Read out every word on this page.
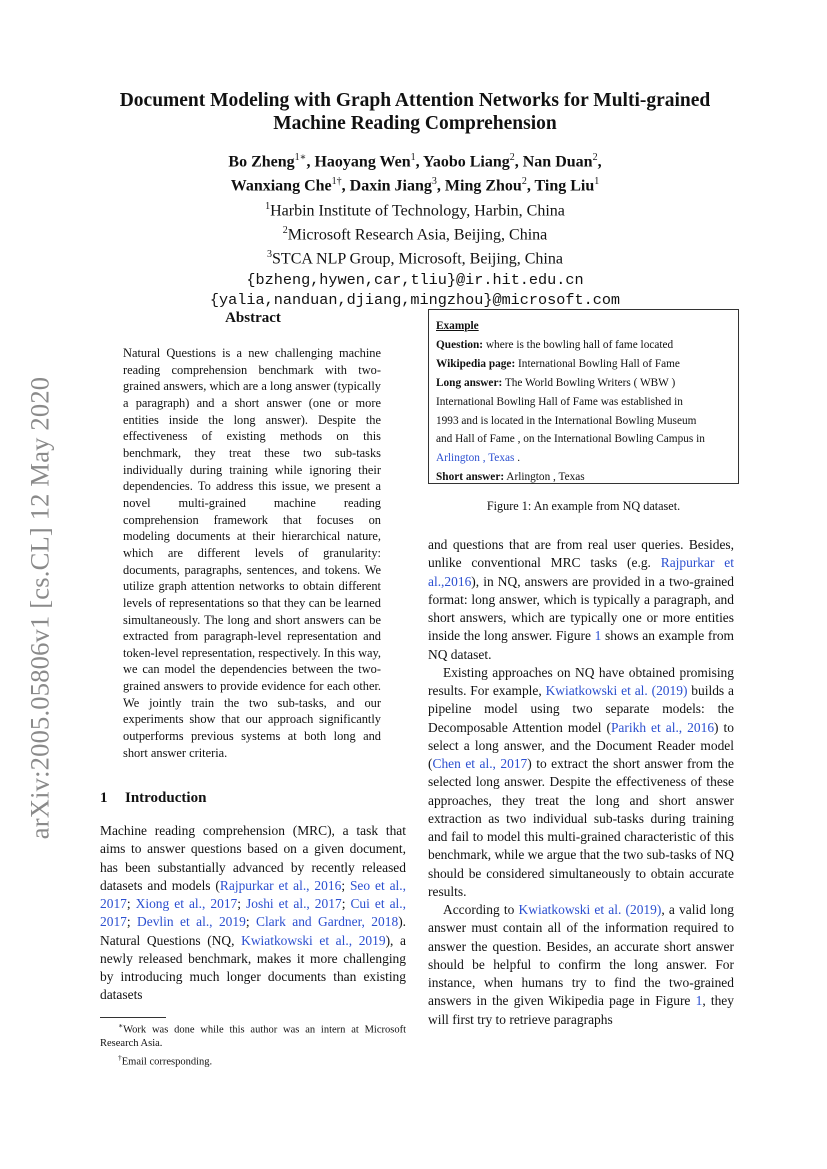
arXiv:2005.05806v1 [cs.CL] 12 May 2020
Document Modeling with Graph Attention Networks for Multi-grained
Machine Reading Comprehension
Bo Zheng$^{1∗}$, Haoyang Wen$^1$, Yaobo Liang$^2$, Nan Duan$^2$,
Wanxiang Che$^{1\dagger}$, Daxin Jiang$^3$, Ming Zhou$^2$, Ting Liu$^1$
$^1$Harbin Institute of Technology, Harbin, China
$^2$Microsoft Research Asia, Beijing, China
$^3$STCA NLP Group, Microsoft, Beijing, China
{bzheng,hywen,car,tliu}@ir.hit.edu.cn
{yalia,nanduan,djiang,mingzhou}@microsoft.com
Abstract
Natural Questions is a new challenging machine reading comprehension benchmark with two-grained answers, which are a long answer (typically a paragraph) and a short answer (one or more entities inside the long answer). Despite the effectiveness of existing methods on this benchmark, they treat these two sub-tasks individually during training while ignoring their dependencies. To address this issue, we present a novel multi-grained machine reading comprehension framework that focuses on modeling documents at their hierarchical nature, which are different levels of granularity: documents, paragraphs, sentences, and tokens. We utilize graph attention networks to obtain different levels of representations so that they can be learned simultaneously. The long and short answers can be extracted from paragraph-level representation and token-level representation, respectively. In this way, we can model the dependencies between the two-grained answers to provide evidence for each other. We jointly train the two sub-tasks, and our experiments show that our approach significantly outperforms previous systems at both long and short answer criteria.
1 Introduction
Machine reading comprehension (MRC), a task that aims to answer questions based on a given document, has been substantially advanced by recently released datasets and models (Rajpurkar et al., 2016; Seo et al., 2017; Xiong et al., 2017; Joshi et al., 2017; Cui et al., 2017; Devlin et al., 2019; Clark and Gardner, 2018). Natural Questions (NQ, Kwiatkowski et al., 2019), a newly released benchmark, makes it more challenging by introducing much longer documents than existing datasets

∗Work was done while this author was an intern at Microsoft Research Asia.

†Email corresponding.

Example
Question: where is the bowling hall of fame located
Wikipedia page: International Bowling Hall of Fame
Long answer: The World Bowling Writers ( WBW )
International Bowling Hall of Fame was established in
1993 and is located in the International Bowling Museum
and Hall of Fame , on the International Bowling Campus in
Arlington , Texas .
Short answer: Arlington , Texas
Figure 1: An example from NQ dataset.

and questions that are from real user queries. Besides, unlike conventional MRC tasks (e.g. Rajpurkar et al.,2016), in NQ, answers are provided in a two-grained format: long answer, which is typically a paragraph, and short answers, which are typically one or more entities inside the long answer. Figure 1 shows an example from NQ dataset.

Existing approaches on NQ have obtained promising results. For example, Kwiatkowski et al. (2019) builds a pipeline model using two separate models: the Decomposable Attention model (Parikh et al., 2016) to select a long answer, and the Document Reader model (Chen et al., 2017) to extract the short answer from the selected long answer. Despite the effectiveness of these approaches, they treat the long and short answer extraction as two individual sub-tasks during training and fail to model this multi-grained characteristic of this benchmark, while we argue that the two sub-tasks of NQ should be considered simultaneously to obtain accurate results.

According to Kwiatkowski et al. (2019), a valid long answer must contain all of the information required to answer the question. Besides, an accurate short answer should be helpful to confirm the long answer. For instance, when humans try to find the two-grained answers in the given Wikipedia page in Figure 1, they will first try to retrieve paragraphs
